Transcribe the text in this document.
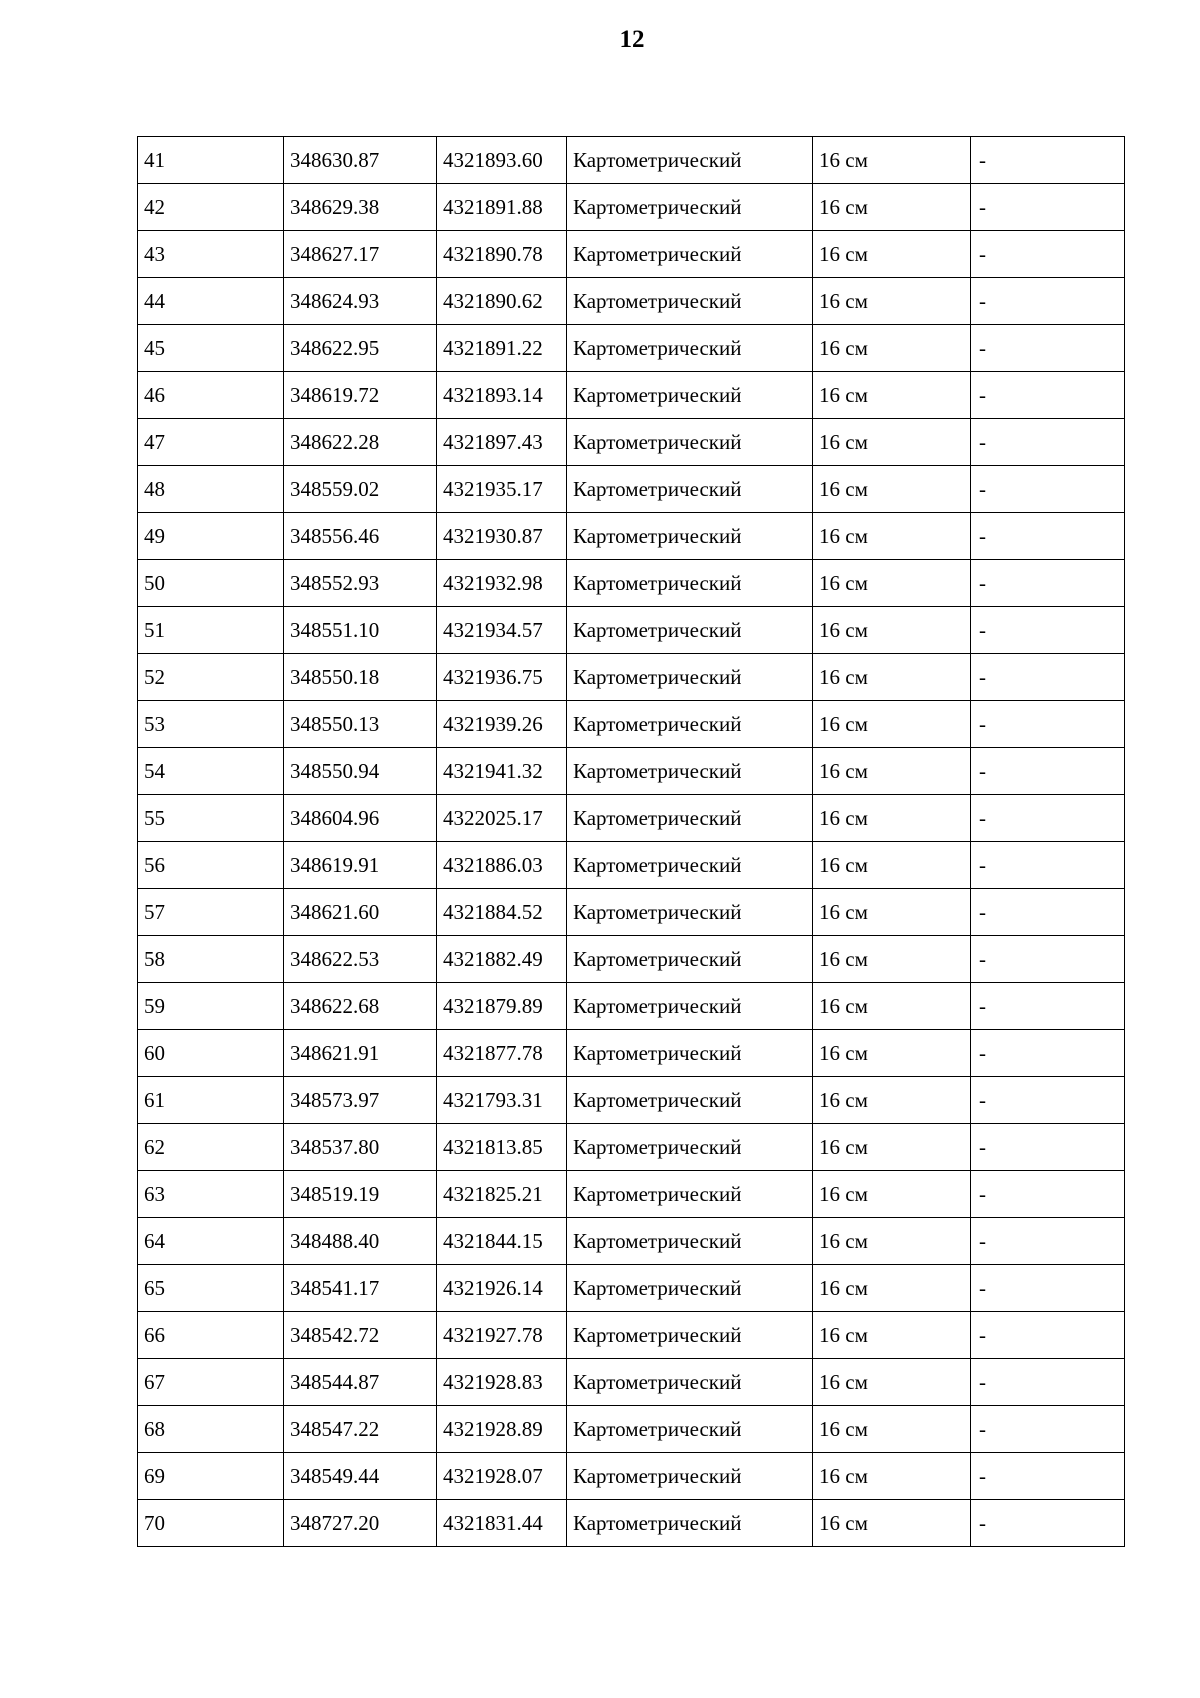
12
41	348630.87	4321893.60	Картометрический	16 см	-
42	348629.38	4321891.88	Картометрический	16 см	-
43	348627.17	4321890.78	Картометрический	16 см	-
44	348624.93	4321890.62	Картометрический	16 см	-
45	348622.95	4321891.22	Картометрический	16 см	-
46	348619.72	4321893.14	Картометрический	16 см	-
47	348622.28	4321897.43	Картометрический	16 см	-
48	348559.02	4321935.17	Картометрический	16 см	-
49	348556.46	4321930.87	Картометрический	16 см	-
50	348552.93	4321932.98	Картометрический	16 см	-
51	348551.10	4321934.57	Картометрический	16 см	-
52	348550.18	4321936.75	Картометрический	16 см	-
53	348550.13	4321939.26	Картометрический	16 см	-
54	348550.94	4321941.32	Картометрический	16 см	-
55	348604.96	4322025.17	Картометрический	16 см	-
56	348619.91	4321886.03	Картометрический	16 см	-
57	348621.60	4321884.52	Картометрический	16 см	-
58	348622.53	4321882.49	Картометрический	16 см	-
59	348622.68	4321879.89	Картометрический	16 см	-
60	348621.91	4321877.78	Картометрический	16 см	-
61	348573.97	4321793.31	Картометрический	16 см	-
62	348537.80	4321813.85	Картометрический	16 см	-
63	348519.19	4321825.21	Картометрический	16 см	-
64	348488.40	4321844.15	Картометрический	16 см	-
65	348541.17	4321926.14	Картометрический	16 см	-
66	348542.72	4321927.78	Картометрический	16 см	-
67	348544.87	4321928.83	Картометрический	16 см	-
68	348547.22	4321928.89	Картометрический	16 см	-
69	348549.44	4321928.07	Картометрический	16 см	-
70	348727.20	4321831.44	Картометрический	16 см	-
